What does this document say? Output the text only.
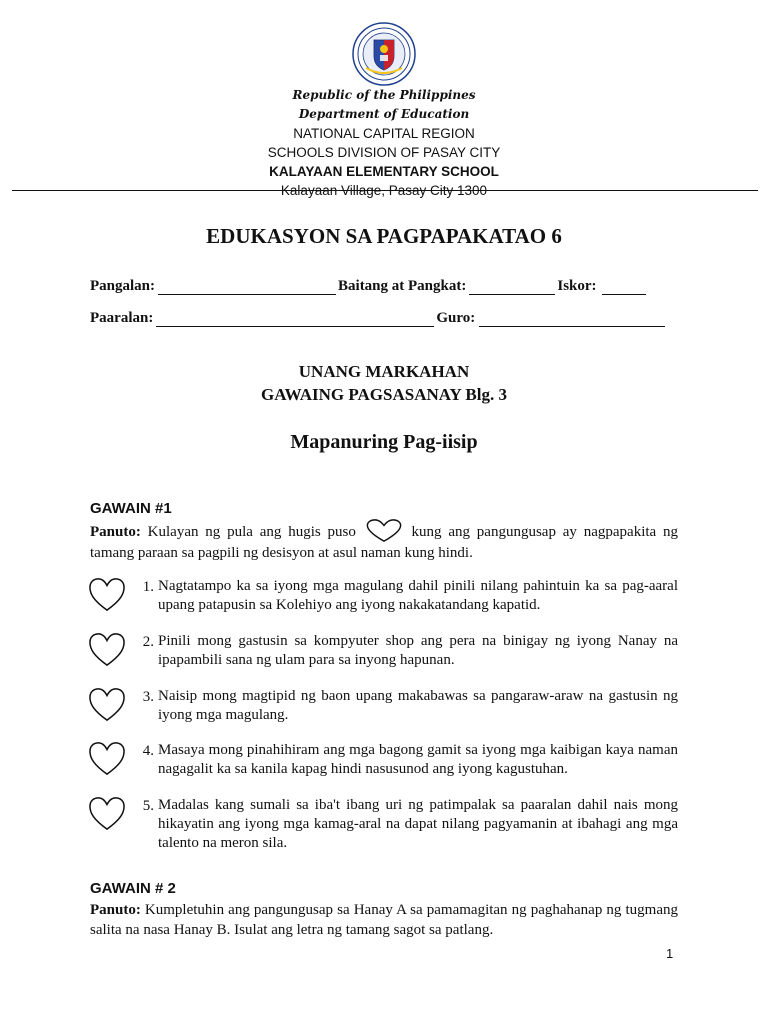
Republic of the Philippines
Department of Education
NATIONAL CAPITAL REGION
SCHOOLS DIVISION OF PASAY CITY
KALAYAAN ELEMENTARY SCHOOL
Kalayaan Village, Pasay City 1300
EDUKASYON SA PAGPAPAKATAO 6
Pangalan:	Baitang at Pangkat:	Iskor:
Paaralan:	Guro:
UNANG MARKAHAN
GAWAING PAGSASANAY Blg. 3
Mapanuring Pag-iisip
GAWAIN #1
Panuto: Kulayan ng pula ang hugis puso	kung ang pangungusap ay nagpapakita ng tamang paraan sa pagpili ng desisyon at asul naman kung hindi.
1. Nagtatampo ka sa iyong mga magulang dahil pinili nilang pahintuin ka sa pag-aaral upang patapusin sa Kolehiyo ang iyong nakakatandang kapatid.
2. Pinili mong gastusin sa kompyuter shop ang pera na binigay ng iyong Nanay na ipapambili sana ng ulam para sa inyong hapunan.
3. Naisip mong magtipid ng baon upang makabawas sa pangaraw-araw na gastusin ng iyong mga magulang.
4. Masaya mong pinahihiram ang mga bagong gamit sa iyong mga kaibigan kaya naman nagagalit ka sa kanila kapag hindi nasusunod ang iyong kagustuhan.
5. Madalas kang sumali sa iba't ibang uri ng patimpalak sa paaralan dahil nais mong hikayatin ang iyong mga kamag-aral na dapat nilang pagyamanin at ibahagi ang mga talento na meron sila.
GAWAIN # 2
Panuto: Kumpletuhin ang pangungusap sa Hanay A sa pamamagitan ng paghahanap ng tugmang salita na nasa Hanay B. Isulat ang letra ng tamang sagot sa patlang.
1
